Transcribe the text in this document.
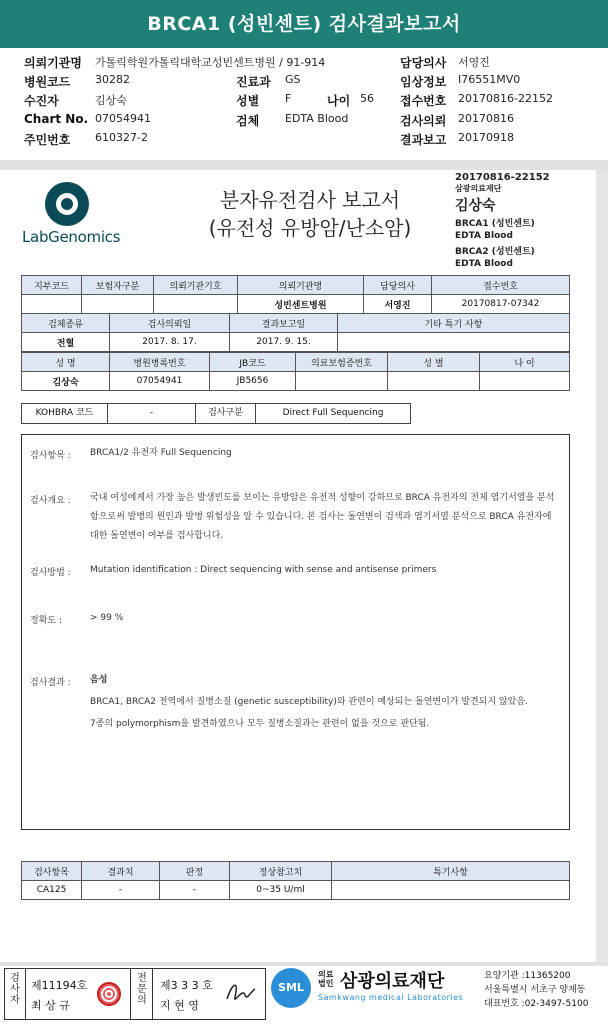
BRCA1 (성빈센트) 검사결과보고서
의뢰기관명 가톨릭학원가톨릭대학교성빈센트병원 / 91-914	담당의사 서영진
병원코드 30282	진료과 GS	임상정보 I76551MV0
수진자	김상숙	성별 F	나이 56 접수번호 20170816-22152
Chart No. 07054941	검체 EDTA Blood	검사의뢰 20170816
주민번호 610327-2	결과보고 20170918
LabGenomics
분자유전검사 보고서
(유전성 유방암/난소암)
20170816-22152
삼광의료재단
김상숙
BRCA1 (성빈센트)
EDTA Blood
BRCA2 (성빈센트)
EDTA Blood
지부코드	보험자구분	의뢰기관기호	의뢰기관명	담당의사	접수번호
			성빈센트병원	서영진	20170817-07342
검체종류	검사의뢰일	결과보고일	기타 특기 사항
전혈	2017. 8. 17.	2017. 9. 15.	
성 명	병원병록번호	JB코드	의료보험증번호	성 별	나 이
김상숙	07054941	JB5656			
KOHBRA 코드	-	검사구분	Direct Full Sequencing
검사항목 : BRCA1/2 유전자 Full Sequencing
검사개요 : 국내 여성에게서 가장 높은 발생빈도를 보이는 유방암은 유전적 성향이 강하므로 BRCA 유전자의 전체 염기서열을 분석함으로써 발병의 원인과 발병 위험성을 알 수 있습니다. 본 검사는 돌연변이 검색과 염기서열 분석으로 BRCA 유전자에 대한 돌연변이 여부를 검사합니다.
검사방법 : Mutation identification : Direct sequencing with sense and antisense primers
정확도 :	> 99 %
검사결과 : 음성
BRCA1, BRCA2 전역에서 질병소질 (genetic susceptibility)와 관련이 예상되는 돌연변이가 발견되지 않았음.
7종의 polymorphism을 발견하였으나 모두 질병소질과는 관련이 없을 것으로 판단됨.
검사항목	결과치	판정	정상참고치	특기사항
CA125	-	-	0~35 U/ml	
검사자
제11194호
최 상 규
전문의
제3 3 3 호
지 현 영
SML
의료법인 삼광의료재단
Samkwang medical Laboratories
요양기관 :11365200
서울특별시 서초구 양재동
대표번호 :02-3497-5100
